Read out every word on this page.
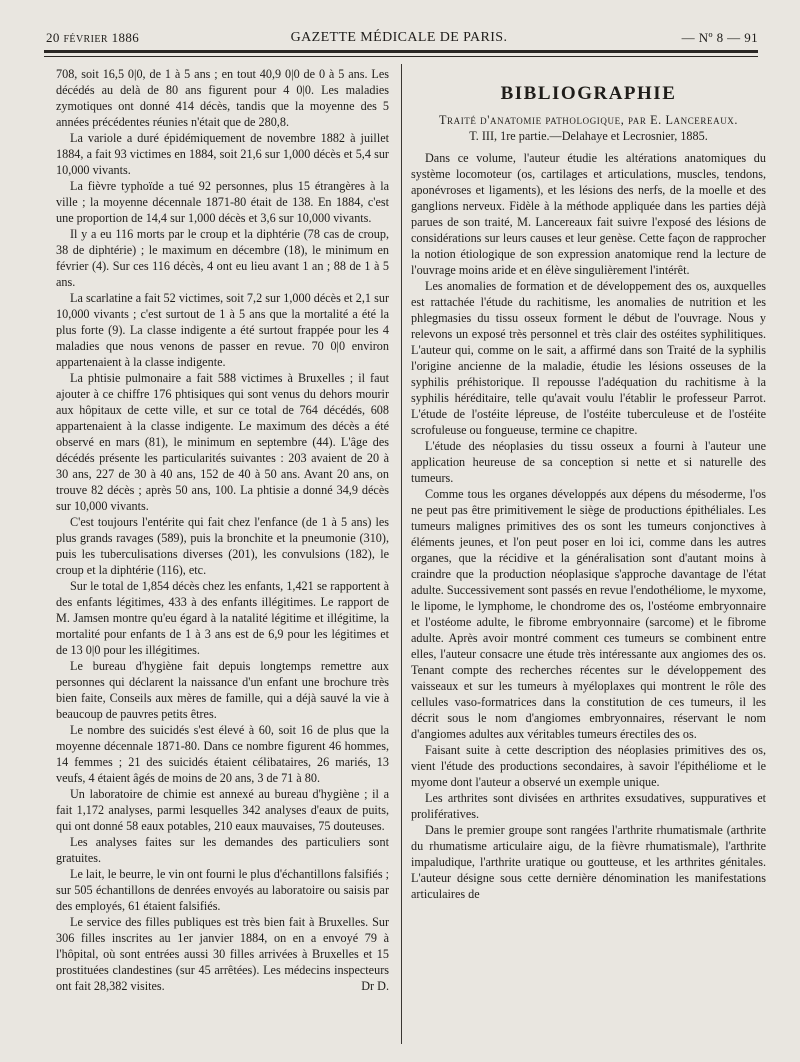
20 FÉVRIER 1886	GAZETTE MÉDICALE DE PARIS.	— Nº 8 — 91

708, soit 16,5 0|0, de 1 à 5 ans ; en tout 40,9 0|0 de 0 à 5 ans. Les décédés au delà de 80 ans figurent pour 4 0|0. Les maladies zymotiques ont donné 414 décès, tandis que la moyenne des 5 années précédentes réunies n'était que de 280,8.

La variole a duré épidémiquement de novembre 1882 à juillet 1884, a fait 93 victimes en 1884, soit 21,6 sur 1,000 décès et 5,4 sur 10,000 vivants.

La fièvre typhoïde a tué 92 personnes, plus 15 étrangères à la ville ; la moyenne décennale 1871-80 était de 138. En 1884, c'est une proportion de 14,4 sur 1,000 décès et 3,6 sur 10,000 vivants.

Il y a eu 116 morts par le croup et la diphtérie (78 cas de croup, 38 de diphtérie) ; le maximum en décembre (18), le minimum en février (4). Sur ces 116 décès, 4 ont eu lieu avant 1 an ; 88 de 1 à 5 ans.

La scarlatine a fait 52 victimes, soit 7,2 sur 1,000 décès et 2,1 sur 10,000 vivants ; c'est surtout de 1 à 5 ans que la mortalité a été la plus forte (9). La classe indigente a été surtout frappée pour les 4 maladies que nous venons de passer en revue. 70 0|0 environ appartenaient à la classe indigente.

La phtisie pulmonaire a fait 588 victimes à Bruxelles ; il faut ajouter à ce chiffre 176 phtisiques qui sont venus du dehors mourir aux hôpitaux de cette ville, et sur ce total de 764 décédés, 608 appartenaient à la classe indigente. Le maximum des décès a été observé en mars (81), le minimum en septembre (44). L'âge des décédés présente les particularités suivantes : 203 avaient de 20 à 30 ans, 227 de 30 à 40 ans, 152 de 40 à 50 ans. Avant 20 ans, on trouve 82 décès ; après 50 ans, 100. La phtisie a donné 34,9 décès sur 10,000 vivants.

C'est toujours l'entérite qui fait chez l'enfance (de 1 à 5 ans) les plus grands ravages (589), puis la bronchite et la pneumonie (310), puis les tuberculisations diverses (201), les convulsions (182), le croup et la diphtérie (116), etc.

Sur le total de 1,854 décès chez les enfants, 1,421 se rapportent à des enfants légitimes, 433 à des enfants illégitimes. Le rapport de M. Jamsen montre qu'eu égard à la natalité légitime et illégitime, la mortalité pour enfants de 1 à 3 ans est de 6,9 pour les légitimes et de 13 0|0 pour les illégitimes.

Le bureau d'hygiène fait depuis longtemps remettre aux personnes qui déclarent la naissance d'un enfant une brochure très bien faite, Conseils aux mères de famille, qui a déjà sauvé la vie à beaucoup de pauvres petits êtres.

Le nombre des suicidés s'est élevé à 60, soit 16 de plus que la moyenne décennale 1871-80. Dans ce nombre figurent 46 hommes, 14 femmes ; 21 des suicidés étaient célibataires, 26 mariés, 13 veufs, 4 étaient âgés de moins de 20 ans, 3 de 71 à 80.

Un laboratoire de chimie est annexé au bureau d'hygiène ; il a fait 1,172 analyses, parmi lesquelles 342 analyses d'eaux de puits, qui ont donné 58 eaux potables, 210 eaux mauvaises, 75 douteuses.

Les analyses faites sur les demandes des particuliers sont gratuites.

Le lait, le beurre, le vin ont fourni le plus d'échantillons falsifiés ; sur 505 échantillons de denrées envoyés au laboratoire ou saisis par des employés, 61 étaient falsifiés.

Le service des filles publiques est très bien fait à Bruxelles. Sur 306 filles inscrites au 1er janvier 1884, on en a envoyé 79 à l'hôpital, où sont entrées aussi 30 filles arrivées à Bruxelles et 15 prostituées clandestines (sur 45 arrêtées). Les médecins inspecteurs ont fait 28,382 visites.	Dr D.

BIBLIOGRAPHIE
Traité d'anatomie pathologique, par E. Lancereaux.
T. III, 1re partie.—Delahaye et Lecrosnier, 1885.

Dans ce volume, l'auteur étudie les altérations anatomiques du système locomoteur (os, cartilages et articulations, muscles, tendons, aponévroses et ligaments), et les lésions des nerfs, de la moelle et des ganglions nerveux. Fidèle à la méthode appliquée dans les parties déjà parues de son traité, M. Lancereaux fait suivre l'exposé des lésions de considérations sur leurs causes et leur genèse. Cette façon de rapprocher la notion étiologique de son expression anatomique rend la lecture de l'ouvrage moins aride et en élève singulièrement l'intérêt.

Les anomalies de formation et de développement des os, auxquelles est rattachée l'étude du rachitisme, les anomalies de nutrition et les phlegmasies du tissu osseux forment le début de l'ouvrage. Nous y relevons un exposé très personnel et très clair des ostéites syphilitiques. L'auteur qui, comme on le sait, a affirmé dans son Traité de la syphilis l'origine ancienne de la maladie, étudie les lésions osseuses de la syphilis préhistorique. Il repousse l'adéquation du rachitisme à la syphilis héréditaire, telle qu'avait voulu l'établir le professeur Parrot. L'étude de l'ostéite lépreuse, de l'ostéite tuberculeuse et de l'ostéite scrofuleuse ou fongueuse, termine ce chapitre.

L'étude des néoplasies du tissu osseux a fourni à l'auteur une application heureuse de sa conception si nette et si naturelle des tumeurs.

Comme tous les organes développés aux dépens du mésoderme, l'os ne peut pas être primitivement le siège de productions épithéliales. Les tumeurs malignes primitives des os sont les tumeurs conjonctives à éléments jeunes, et l'on peut poser en loi ici, comme dans les autres organes, que la récidive et la généralisation sont d'autant moins à craindre que la production néoplasique s'approche davantage de l'état adulte. Successivement sont passés en revue l'endothéliome, le myxome, le lipome, le lymphome, le chondrome des os, l'ostéome embryonnaire et l'ostéome adulte, le fibrome embryonnaire (sarcome) et le fibrome adulte. Après avoir montré comment ces tumeurs se combinent entre elles, l'auteur consacre une étude très intéressante aux angiomes des os. Tenant compte des recherches récentes sur le développement des vaisseaux et sur les tumeurs à myéloplaxes qui montrent le rôle des cellules vaso-formatrices dans la constitution de ces tumeurs, il les décrit sous le nom d'angiomes embryonnaires, réservant le nom d'angiomes adultes aux véritables tumeurs érectiles des os.

Faisant suite à cette description des néoplasies primitives des os, vient l'étude des productions secondaires, à savoir l'épithéliome et le myome dont l'auteur a observé un exemple unique.

Les arthrites sont divisées en arthrites exsudatives, suppuratives et prolifératives.

Dans le premier groupe sont rangées l'arthrite rhumatismale (arthrite du rhumatisme articulaire aigu, de la fièvre rhumatismale), l'arthrite impaludique, l'arthrite uratique ou goutteuse, et les arthrites génitales. L'auteur désigne sous cette dernière dénomination les manifestations articulaires de
